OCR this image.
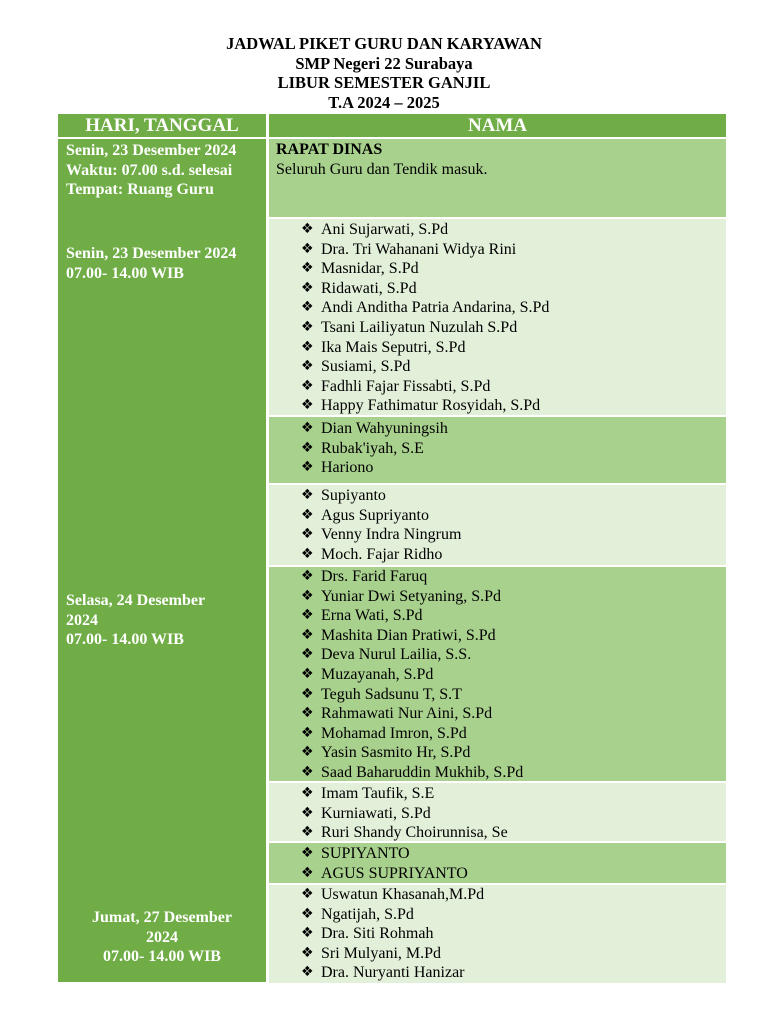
JADWAL PIKET GURU DAN KARYAWAN
SMP Negeri 22 Surabaya
LIBUR SEMESTER GANJIL
T.A 2024 – 2025
HARI, TANGGAL	NAMA
Senin, 23 Desember 2024
Waktu: 07.00 s.d. selesai
Tempat: Ruang Guru
Senin, 23 Desember 2024
07.00- 14.00 WIB
Selasa, 24 Desember
2024
07.00- 14.00 WIB
Jumat, 27 Desember
2024
07.00- 14.00 WIB
RAPAT DINAS
Seluruh Guru dan Tendik masuk.
❖ Ani Sujarwati, S.Pd
❖ Dra. Tri Wahanani Widya Rini
❖ Masnidar, S.Pd
❖ Ridawati, S.Pd
❖ Andi Anditha Patria Andarina, S.Pd
❖ Tsani Lailiyatun Nuzulah S.Pd
❖ Ika Mais Seputri, S.Pd
❖ Susiami, S.Pd
❖ Fadhli Fajar Fissabti, S.Pd
❖ Happy Fathimatur Rosyidah, S.Pd
❖ Dian Wahyuningsih
❖ Rubak'iyah, S.E
❖ Hariono
❖ Supiyanto
❖ Agus Supriyanto
❖ Venny Indra Ningrum
❖ Moch. Fajar Ridho
❖ Drs. Farid Faruq
❖ Yuniar Dwi Setyaning, S.Pd
❖ Erna Wati, S.Pd
❖ Mashita Dian Pratiwi, S.Pd
❖ Deva Nurul Lailia, S.S.
❖ Muzayanah, S.Pd
❖ Teguh Sadsunu T, S.T
❖ Rahmawati Nur Aini, S.Pd
❖ Mohamad Imron, S.Pd
❖ Yasin Sasmito Hr, S.Pd
❖ Saad Baharuddin Mukhib, S.Pd
❖ Imam Taufik, S.E
❖ Kurniawati, S.Pd
❖ Ruri Shandy Choirunnisa, Se
❖ SUPIYANTO
❖ AGUS SUPRIYANTO
❖ Uswatun Khasanah,M.Pd
❖ Ngatijah, S.Pd
❖ Dra. Siti Rohmah
❖ Sri Mulyani, M.Pd
❖ Dra. Nuryanti Hanizar
